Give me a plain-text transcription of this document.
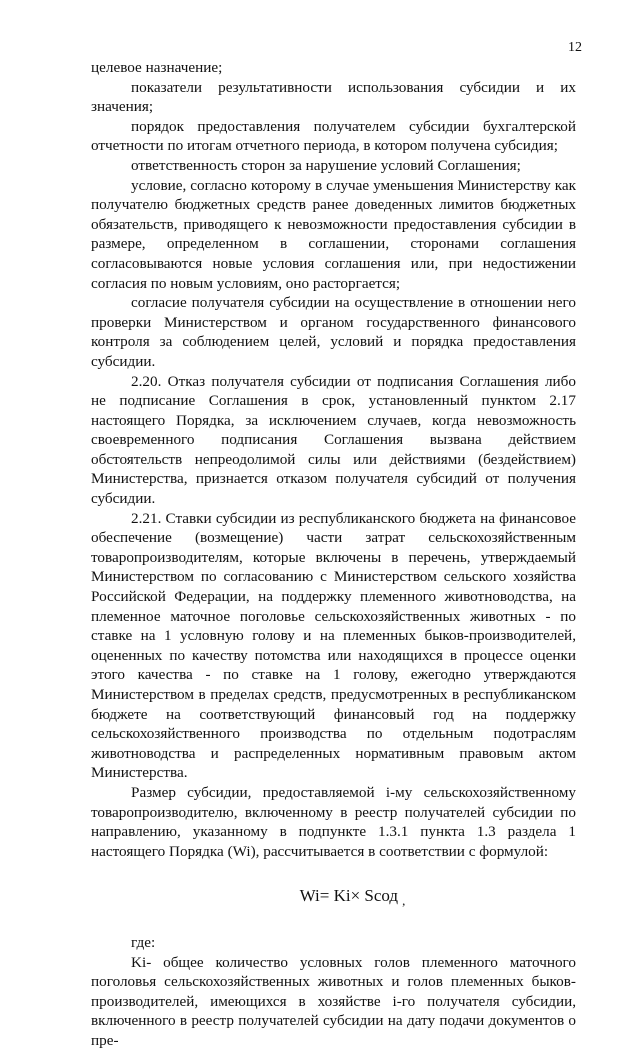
12

целевое назначение;

показатели результативности использования субсидии и их значения;

порядок предоставления получателем субсидии бухгалтерской отчетности по итогам отчетного периода, в котором получена субсидия;

ответственность сторон за нарушение условий Соглашения;

условие, согласно которому в случае уменьшения Министерству как получателю бюджетных средств ранее доведенных лимитов бюджетных обязательств, приводящего к невозможности предоставления субсидии в размере, определенном в соглашении, сторонами соглашения согласовываются новые условия соглашения или, при недостижении согласия по новым условиям, оно расторгается;

согласие получателя субсидии на осуществление в отношении него проверки Министерством и органом государственного финансового контроля за соблюдением целей, условий и порядка предоставления субсидии.

2.20. Отказ получателя субсидии от подписания Соглашения либо не подписание Соглашения в срок, установленный пунктом 2.17 настоящего Порядка, за исключением случаев, когда невозможность своевременного подписания Соглашения вызвана действием обстоятельств непреодолимой силы или действиями (бездействием) Министерства, признается отказом получателя субсидий от получения субсидии.

2.21. Ставки субсидии из республиканского бюджета на финансовое обеспечение (возмещение) части затрат сельскохозяйственным товаропроизводителям, которые включены в перечень, утверждаемый Министерством по согласованию с Министерством сельского хозяйства Российской Федерации, на поддержку племенного животноводства, на племенное маточное поголовье сельскохозяйственных животных - по ставке на 1 условную голову и на племенных быков-производителей, оцененных по качеству потомства или находящихся в процессе оценки этого качества - по ставке на 1 голову, ежегодно утверждаются Министерством в пределах средств, предусмотренных в республиканском бюджете на соответствующий финансовый год на поддержку сельскохозяйственного производства по отдельным подотраслям животноводства и распределенных нормативным правовым актом Министерства.

Размер субсидии, предоставляемой i-му сельскохозяйственному товаропроизводителю, включенному в реестр получателей субсидии по направлению, указанному в подпункте 1.3.1 пункта 1.3 раздела 1 настоящего Порядка (Wi), рассчитывается в соответствии с формулой:

Wi= Ki× Sсод ,

где:

Ki- общее количество условных голов племенного маточного поголовья сельскохозяйственных животных и голов племенных быков-производителей, имеющихся в хозяйстве i-го получателя субсидии, включенного в реестр получателей субсидии на дату подачи документов о пре-
